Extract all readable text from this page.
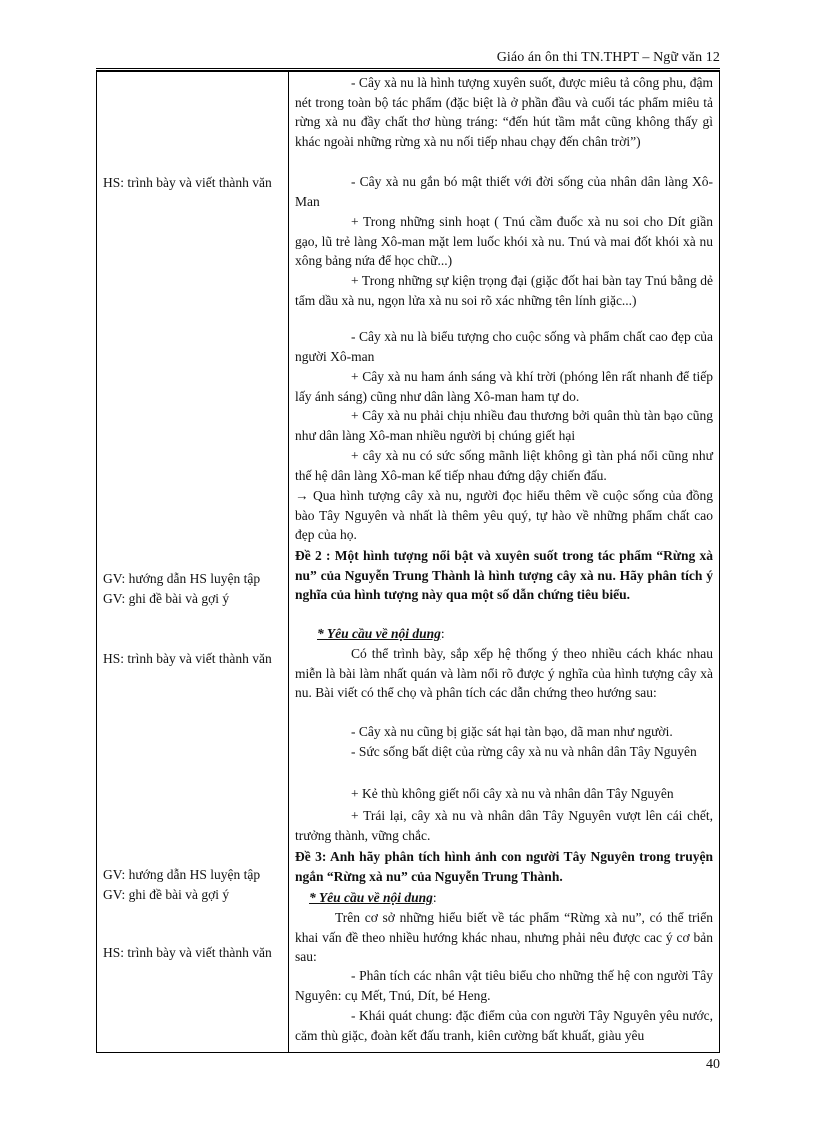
Giáo án ôn thi TN.THPT – Ngữ văn 12
HS: trình bày và viết thành văn
GV: hướng dẫn HS luyện tập
GV: ghi đề bài và gợi ý
HS: trình bày và viết thành văn
GV: hướng dẫn HS luyện tập
GV: ghi đề bài và gợi ý
HS: trình bày và viết thành văn

- Cây xà nu là hình tượng xuyên suốt, được miêu tả công phu, đậm nét trong toàn bộ tác phẩm (đặc biệt là ở phần đầu và cuối tác phẩm miêu tả rừng xà nu đầy chất thơ hùng tráng: “đến hút tầm mắt cũng không thấy gì khác ngoài những rừng xà nu nối tiếp nhau chạy đến chân trời”)

- Cây xà nu gắn bó mật thiết với đời sống của nhân dân làng Xô-Man

+ Trong những sinh hoạt ( Tnú cầm đuốc xà nu soi cho Dít giần gạo, lũ trẻ làng Xô-man mặt lem luốc khói xà nu. Tnú và mai đốt khói xà nu xông bảng nứa để học chữ...)

+ Trong những sự kiện trọng đại (giặc đốt hai bàn tay Tnú bằng dẻ tẩm dầu xà nu, ngọn lửa xà nu soi rõ xác những tên lính giặc...)

- Cây xà nu là biểu tượng cho cuộc sống và phẩm chất cao đẹp của người Xô-man

+ Cây xà nu ham ánh sáng và khí trời (phóng lên rất nhanh để tiếp lấy ánh sáng) cũng như dân làng Xô-man ham tự do.

+ Cây xà nu phải chịu nhiều đau thương bởi quân thù tàn bạo cũng như dân làng Xô-man nhiều người bị chúng giết hại

+ cây xà nu có sức sống mãnh liệt không gì tàn phá nổi cũng như thế hệ dân làng Xô-man kế tiếp nhau đứng dậy chiến đấu.

→ Qua hình tượng cây xà nu, người đọc hiểu thêm về cuộc sống của đồng bào Tây Nguyên và nhất là thêm yêu quý, tự hào về những phẩm chất cao đẹp của họ.

Đề 2 : Một hình tượng nổi bật và xuyên suốt trong tác phẩm “Rừng xà nu” của Nguyễn Trung Thành là hình tượng cây xà nu. Hãy phân tích ý nghĩa của hình tượng này qua một số dẫn chứng tiêu biểu.

* Yêu cầu về nội dung:

Có thể trình bày, sắp xếp hệ thống ý theo nhiều cách khác nhau miễn là bài làm nhất quán và làm nổi rõ được ý nghĩa của hình tượng cây xà nu. Bài viết có thể chọ và phân tích các dẫn chứng theo hướng sau:

- Cây xà nu cũng bị giặc sát hại tàn bạo, dã man như người.

- Sức sống bất diệt của rừng cây xà nu và nhân dân Tây Nguyên

+ Kẻ thù không giết nổi cây xà nu và nhân dân Tây Nguyên

+ Trái lại, cây xà nu và nhân dân Tây Nguyên vượt lên cái chết, trưởng thành, vững chắc.

Đề 3: Anh hãy phân tích hình ảnh con người Tây Nguyên trong truyện ngắn “Rừng xà nu” của Nguyễn Trung Thành.

* Yêu cầu về nội dung:

Trên cơ sở những hiểu biết về tác phẩm “Rừng xà nu”, có thể triển khai vấn đề theo nhiều hướng khác nhau, nhưng phải nêu được cac ý cơ bản sau:

- Phân tích các nhân vật tiêu biểu cho những thế hệ con người Tây Nguyên: cụ Mết, Tnú, Dít, bé Heng.

- Khái quát chung: đặc điểm của con người Tây Nguyên yêu nước, căm thù giặc, đoàn kết đấu tranh, kiên cường bất khuất, giàu yêu

40
